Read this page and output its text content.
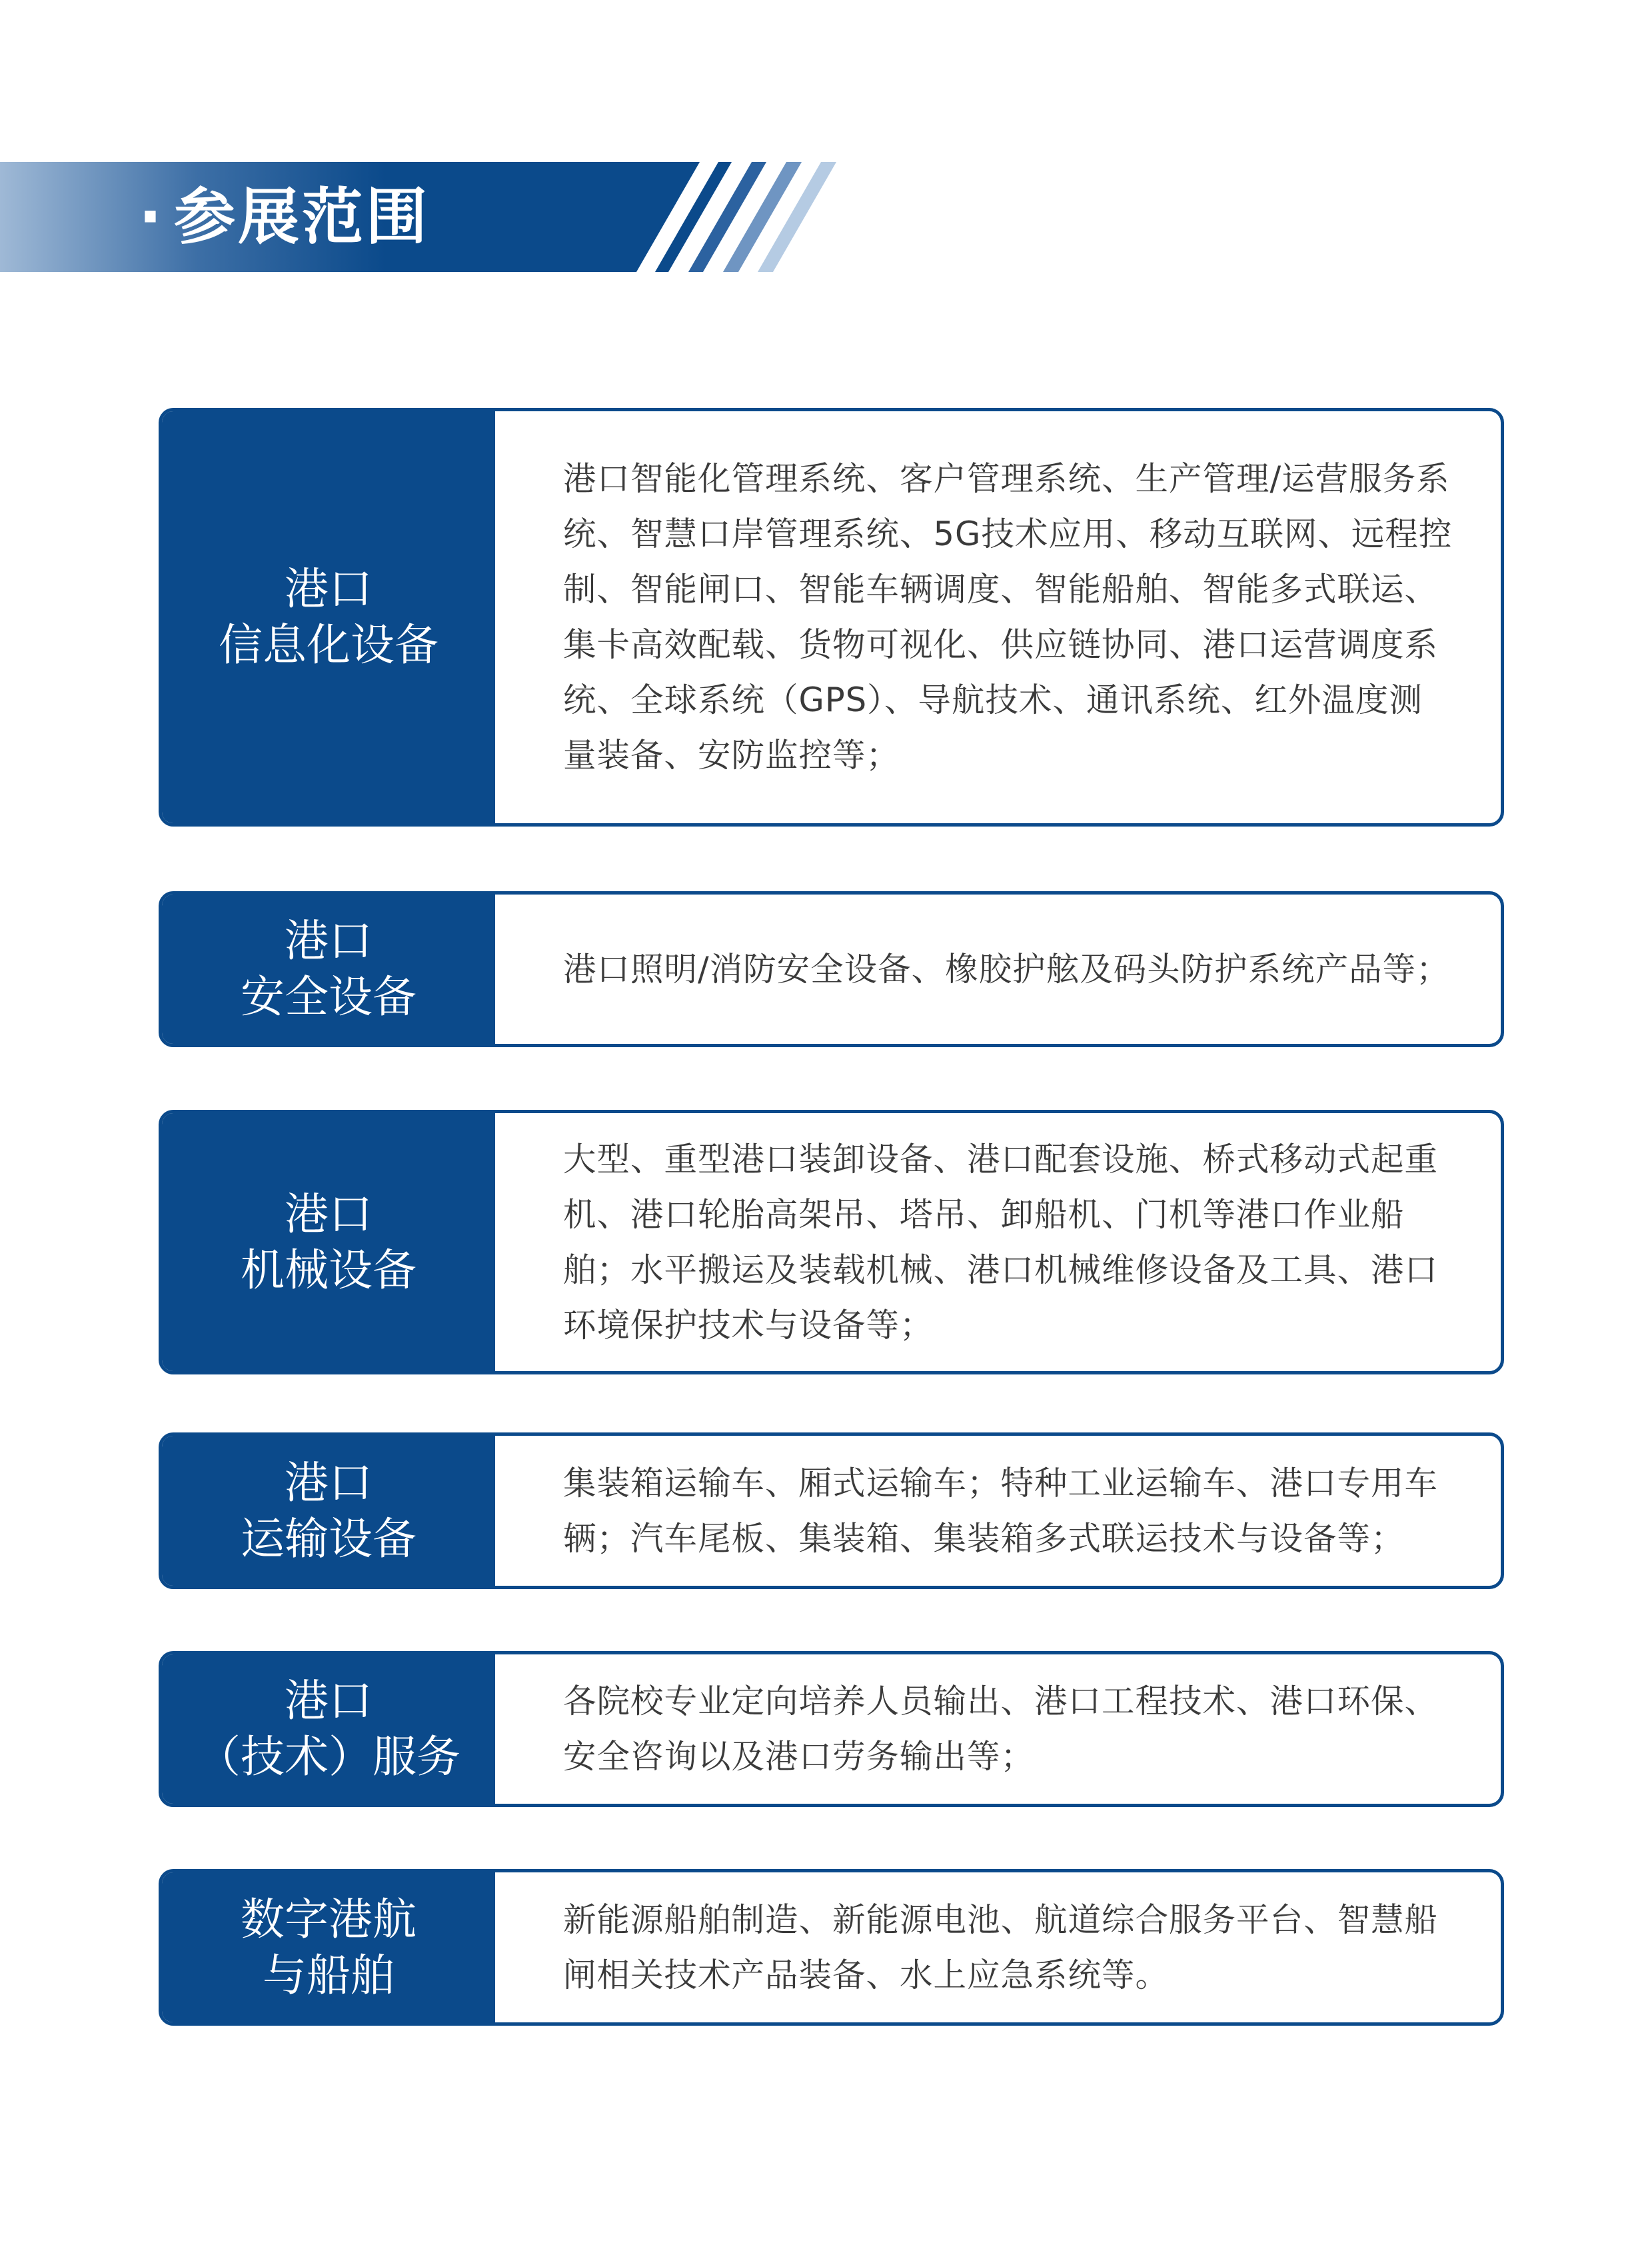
· 参展范围
港口
信息化设备

港口智能化管理系统、客户管理系统、生产管理/运营服务系统、智慧口岸管理系统、5G技术应用、移动互联网、远程控制、智能闸口、智能车辆调度、智能船舶、智能多式联运、集卡高效配载、货物可视化、供应链协同、港口运营调度系统、全球系统（GPS）、导航技术、通讯系统、红外温度测量装备、安防监控等；

港口
安全设备

港口照明/消防安全设备、橡胶护舷及码头防护系统产品等；

港口
机械设备

大型、重型港口装卸设备、港口配套设施、桥式移动式起重机、港口轮胎高架吊、塔吊、卸船机、门机等港口作业船舶；水平搬运及装载机械、港口机械维修设备及工具、港口环境保护技术与设备等；

港口
运输设备

集装箱运输车、厢式运输车；特种工业运输车、港口专用车辆；汽车尾板、集装箱、集装箱多式联运技术与设备等；

港口
（技术）服务

各院校专业定向培养人员输出、港口工程技术、港口环保、安全咨询以及港口劳务输出等；

数字港航
与船舶

新能源船舶制造、新能源电池、航道综合服务平台、智慧船闸相关技术产品装备、水上应急系统等。
